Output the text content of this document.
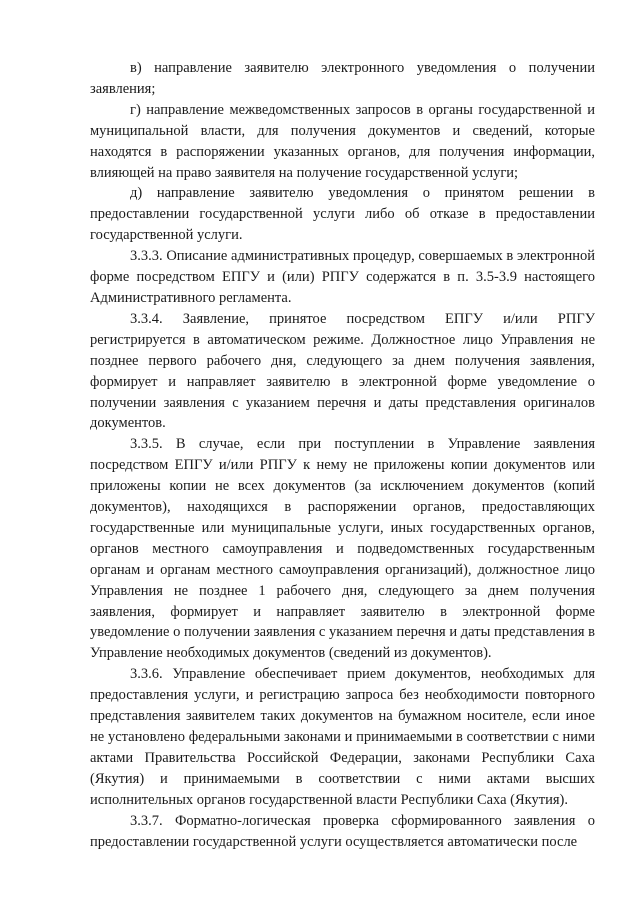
в) направление заявителю электронного уведомления о получении заявления;

г) направление межведомственных запросов в органы государственной и муниципальной власти, для получения документов и сведений, которые находятся в распоряжении указанных органов, для получения информации, влияющей на право заявителя на получение государственной услуги;

д) направление заявителю уведомления о принятом решении в предоставлении государственной услуги либо об отказе в предоставлении государственной услуги.

3.3.3. Описание административных процедур, совершаемых в электронной форме посредством ЕПГУ и (или) РПГУ содержатся в п. 3.5-3.9 настоящего Административного регламента.

3.3.4. Заявление, принятое посредством ЕПГУ и/или РПГУ регистрируется в автоматическом режиме. Должностное лицо Управления не позднее первого рабочего дня, следующего за днем получения заявления, формирует и направляет заявителю в электронной форме уведомление о получении заявления с указанием перечня и даты представления оригиналов документов.

3.3.5. В случае, если при поступлении в Управление заявления посредством ЕПГУ и/или РПГУ к нему не приложены копии документов или приложены копии не всех документов (за исключением документов (копий документов), находящихся в распоряжении органов, предоставляющих государственные или муниципальные услуги, иных государственных органов, органов местного самоуправления и подведомственных государственным органам и органам местного самоуправления организаций), должностное лицо Управления не позднее 1 рабочего дня, следующего за днем получения заявления, формирует и направляет заявителю в электронной форме уведомление о получении заявления с указанием перечня и даты представления в Управление необходимых документов (сведений из документов).

3.3.6. Управление обеспечивает прием документов, необходимых для предоставления услуги, и регистрацию запроса без необходимости повторного представления заявителем таких документов на бумажном носителе, если иное не установлено федеральными законами и принимаемыми в соответствии с ними актами Правительства Российской Федерации, законами Республики Саха (Якутия) и принимаемыми в соответствии с ними актами высших исполнительных органов государственной власти Республики Саха (Якутия).

3.3.7. Форматно-логическая проверка сформированного заявления о предоставлении государственной услуги осуществляется автоматически после
